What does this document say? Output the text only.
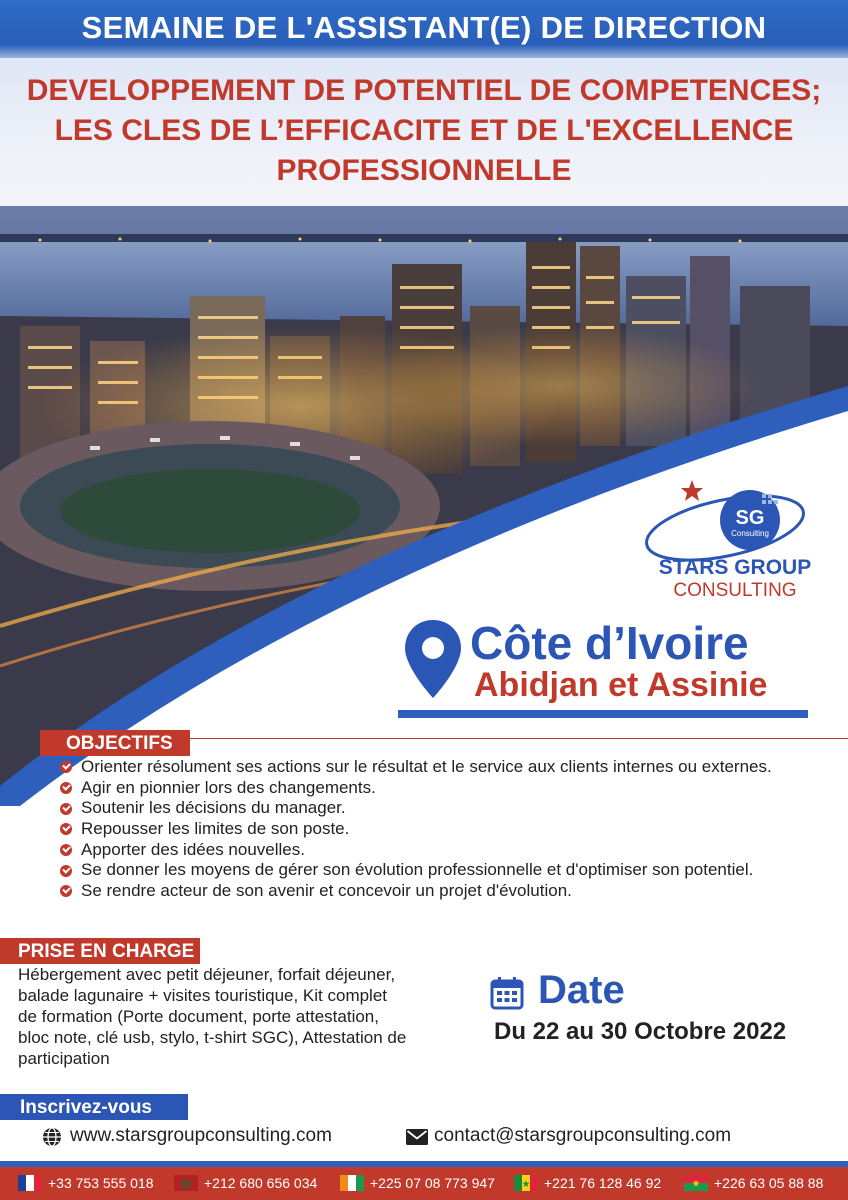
SEMAINE DE L'ASSISTANT(E) DE DIRECTION
DEVELOPPEMENT DE POTENTIEL DE COMPETENCES;
LES CLES DE L’EFFICACITE ET DE L'EXCELLENCE
PROFESSIONNELLE
SG
Consulting
STARS GROUP
CONSULTING
Côte d’Ivoire
Abidjan et Assinie
OBJECTIFS
Orienter résolument ses actions sur le résultat et le service aux clients internes ou externes.
Agir en pionnier lors des changements.
Soutenir les décisions du manager.
Repousser les limites de son poste.
Apporter des idées nouvelles.
Se donner les moyens de gérer son évolution professionnelle et d'optimiser son potentiel.
Se rendre acteur de son avenir et concevoir un projet d'évolution.
PRISE EN CHARGE
Hébergement avec petit déjeuner, forfait déjeuner,
balade lagunaire + visites touristique, Kit complet
de formation (Porte document, porte attestation,
bloc note, clé usb, stylo, t-shirt SGC), Attestation de
participation
Date
Du 22 au 30 Octobre 2022
Inscrivez-vous
www.starsgroupconsulting.com	contact@starsgroupconsulting.com
+33 753 555 018	+212 680 656 034	+225 07 08 773 947	+221 76 128 46 92	+226 63 05 88 88
